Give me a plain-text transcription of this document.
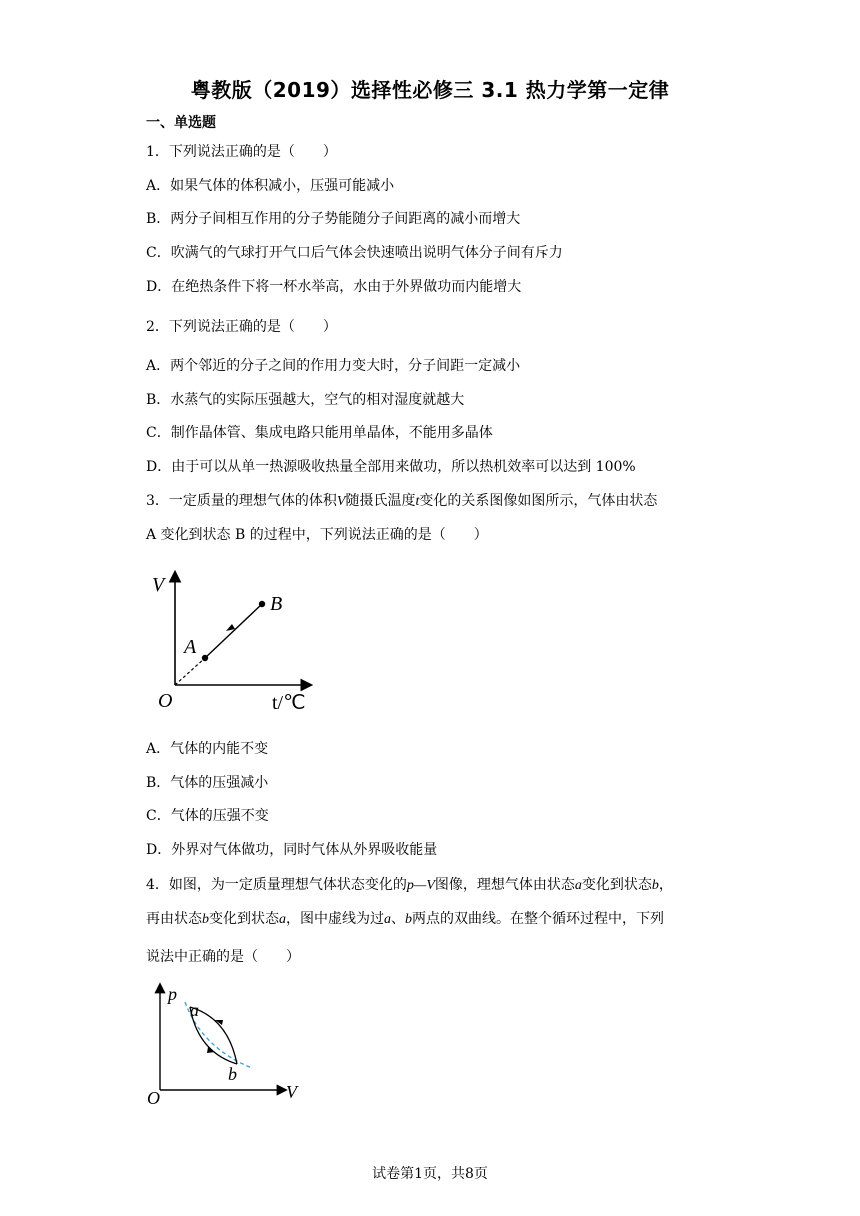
粤教版（2019）选择性必修三 3.1 热力学第一定律
一、单选题
1．下列说法正确的是（　　）
A．如果气体的体积减小，压强可能减小
B．两分子间相互作用的分子势能随分子间距离的减小而增大
C．吹满气的气球打开气口后气体会快速喷出说明气体分子间有斥力
D．在绝热条件下将一杯水举高，水由于外界做功而内能增大
2．下列说法正确的是（　　）
A．两个邻近的分子之间的作用力变大时，分子间距一定减小
B．水蒸气的实际压强越大，空气的相对湿度就越大
C．制作晶体管、集成电路只能用单晶体，不能用多晶体
D．由于可以从单一热源吸收热量全部用来做功，所以热机效率可以达到 100%
3．一定质量的理想气体的体积V随摄氏温度t变化的关系图像如图所示，气体由状态
A 变化到状态 B 的过程中，下列说法正确的是（　　）
V
A
B
O	t/℃
A．气体的内能不变
B．气体的压强减小
C．气体的压强不变
D．外界对气体做功，同时气体从外界吸收能量
4．如图，为一定质量理想气体状态变化的p—V图像，理想气体由状态a变化到状态b，
再由状态b变化到状态a，图中虚线为过a、b两点的双曲线。在整个循环过程中，下列
说法中正确的是（　　）
p
a
b
O	V
试卷第1页，共8页
